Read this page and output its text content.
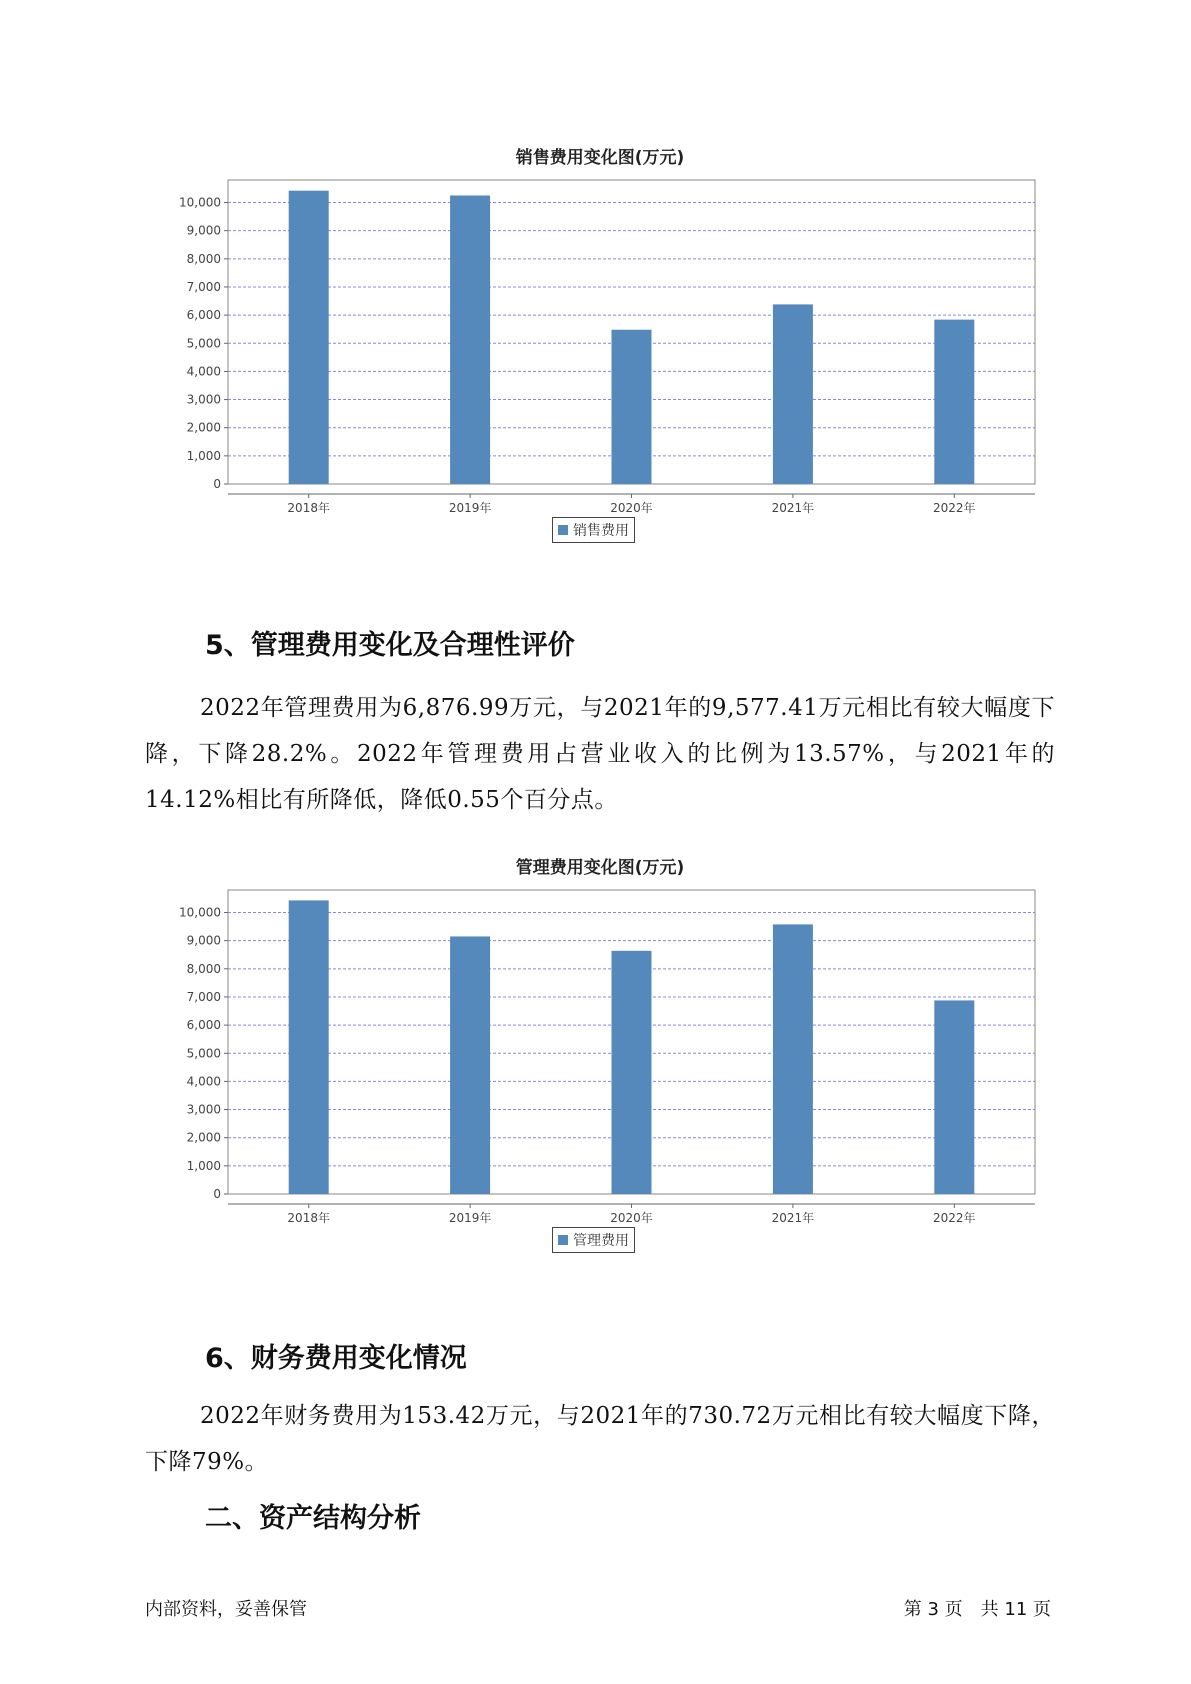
销售费用变化图(万元)
0
1,000
2,000
3,000
4,000
5,000
6,000
7,000
8,000
9,000
10,000
2018年	2019年	2020年	2021年	2022年
销售费用
5、管理费用变化及合理性评价
2022年管理费用为6,876.99万元，与2021年的9,577.41万元相比有较大幅度下降，下降28.2%。2022年管理费用占营业收入的比例为13.57%，与2021年的14.12%相比有所降低，降低0.55个百分点。
管理费用变化图(万元)
0
1,000
2,000
3,000
4,000
5,000
6,000
7,000
8,000
9,000
10,000
2018年	2019年	2020年	2021年	2022年
管理费用
6、财务费用变化情况
2022年财务费用为153.42万元，与2021年的730.72万元相比有较大幅度下降，下降79%。
二、资产结构分析
内部资料，妥善保管	第 3 页　共 11 页
